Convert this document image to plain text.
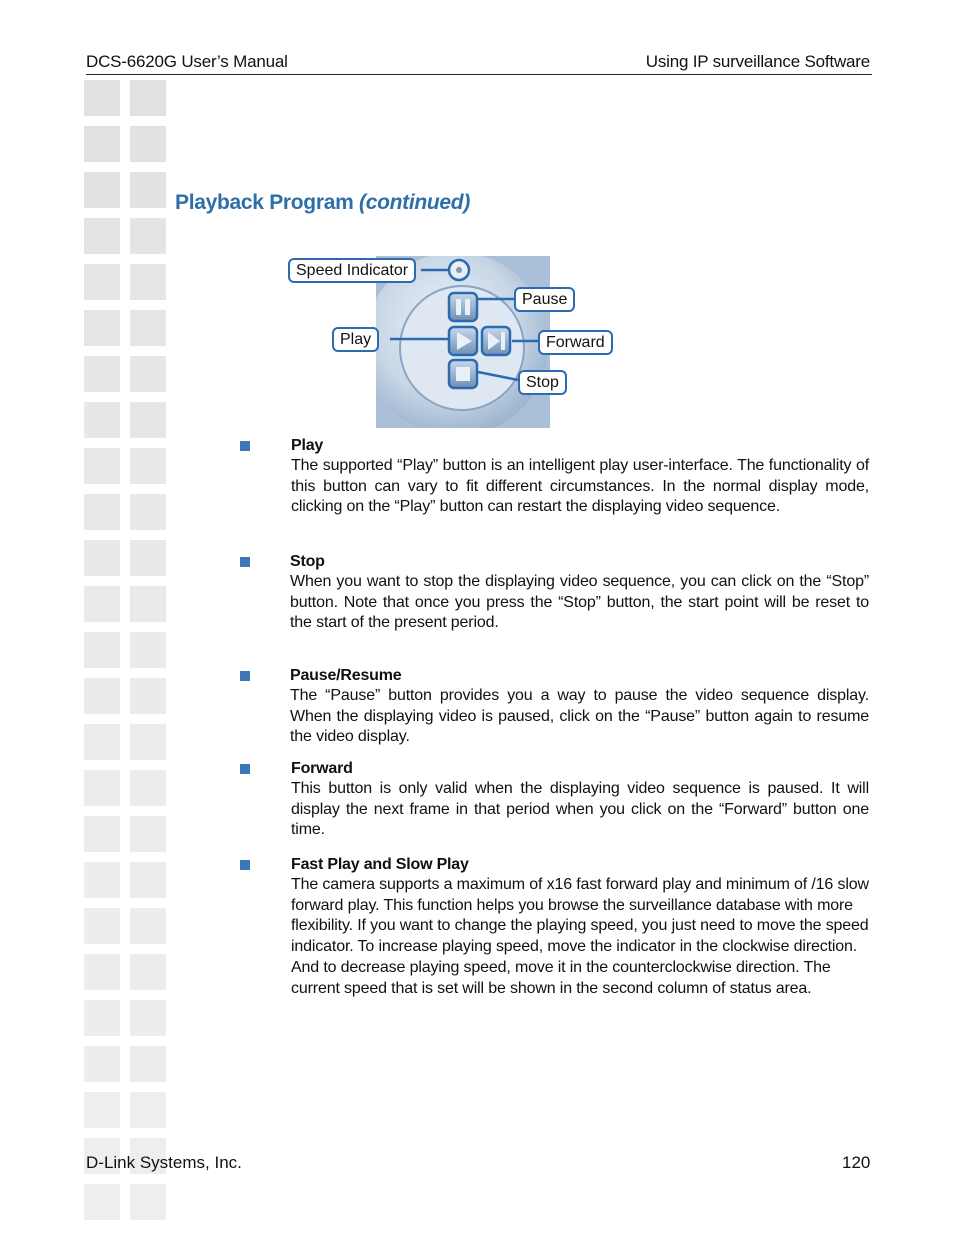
DCS-6620G User’s Manual	Using IP surveillance Software
Playback Program (continued)
Speed Indicator
Pause
Play	Forward
Stop
Play
The supported “Play” button is an intelligent play user-interface. The functionality of this button can vary to fit different circumstances. In the normal display mode, clicking on the “Play” button can restart the displaying video sequence.
Stop
When you want to stop the displaying video sequence, you can click on the “Stop” button. Note that once you press the “Stop” button, the start point will be reset to the start of the present period.
Pause/Resume
The “Pause” button provides you a way to pause the video sequence display. When the displaying video is paused, click on the “Pause” button again to resume the video display.
Forward
This button is only valid when the displaying video sequence is paused. It will display the next frame in that period when you click on the “Forward” button one time.
Fast Play and Slow Play
The camera supports a maximum of x16 fast forward play and minimum of /16 slow forward play. This function helps you browse the surveillance database with more flexibility. If you want to change the playing speed, you just need to move the speed indicator. To increase playing speed, move the indicator in the clockwise direction. And to decrease playing speed, move it in the counterclockwise direction. The current speed that is set will be shown in the second column of status area.
D-Link Systems, Inc.	120
